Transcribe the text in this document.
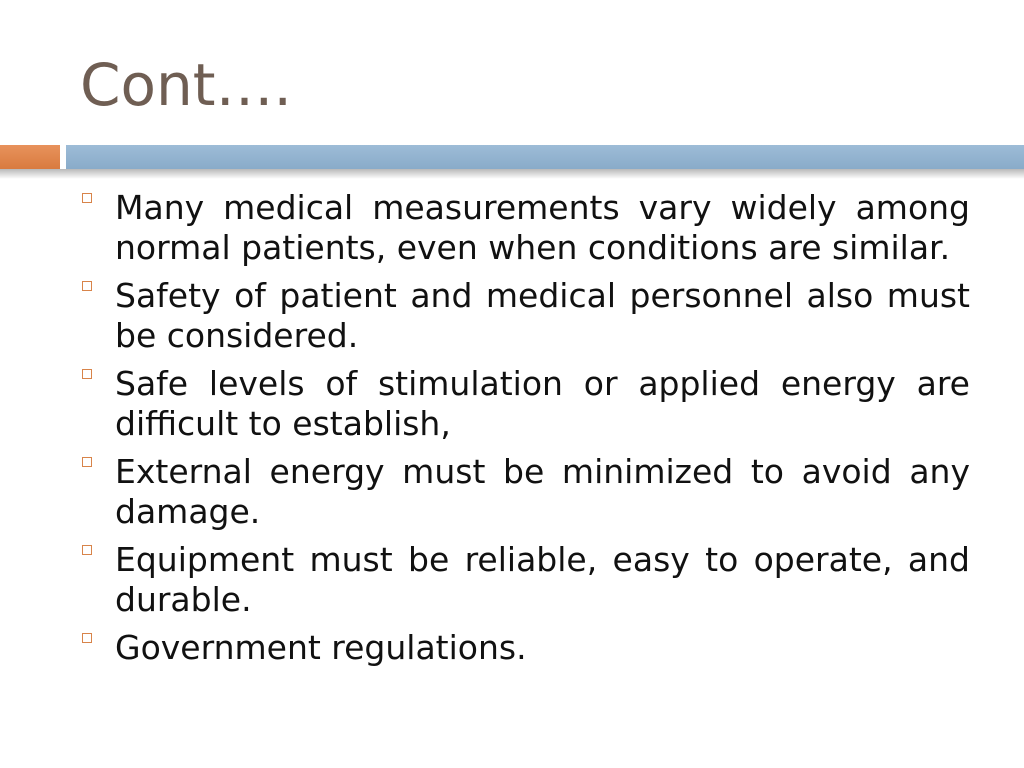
Cont….
Many medical measurements vary widely among normal patients, even when conditions are similar.
Safety of patient and medical personnel also must be considered.
Safe levels of stimulation or applied energy are difficult to establish,
External energy must be minimized to avoid any damage.
Equipment must be reliable, easy to operate, and durable.
Government regulations.
